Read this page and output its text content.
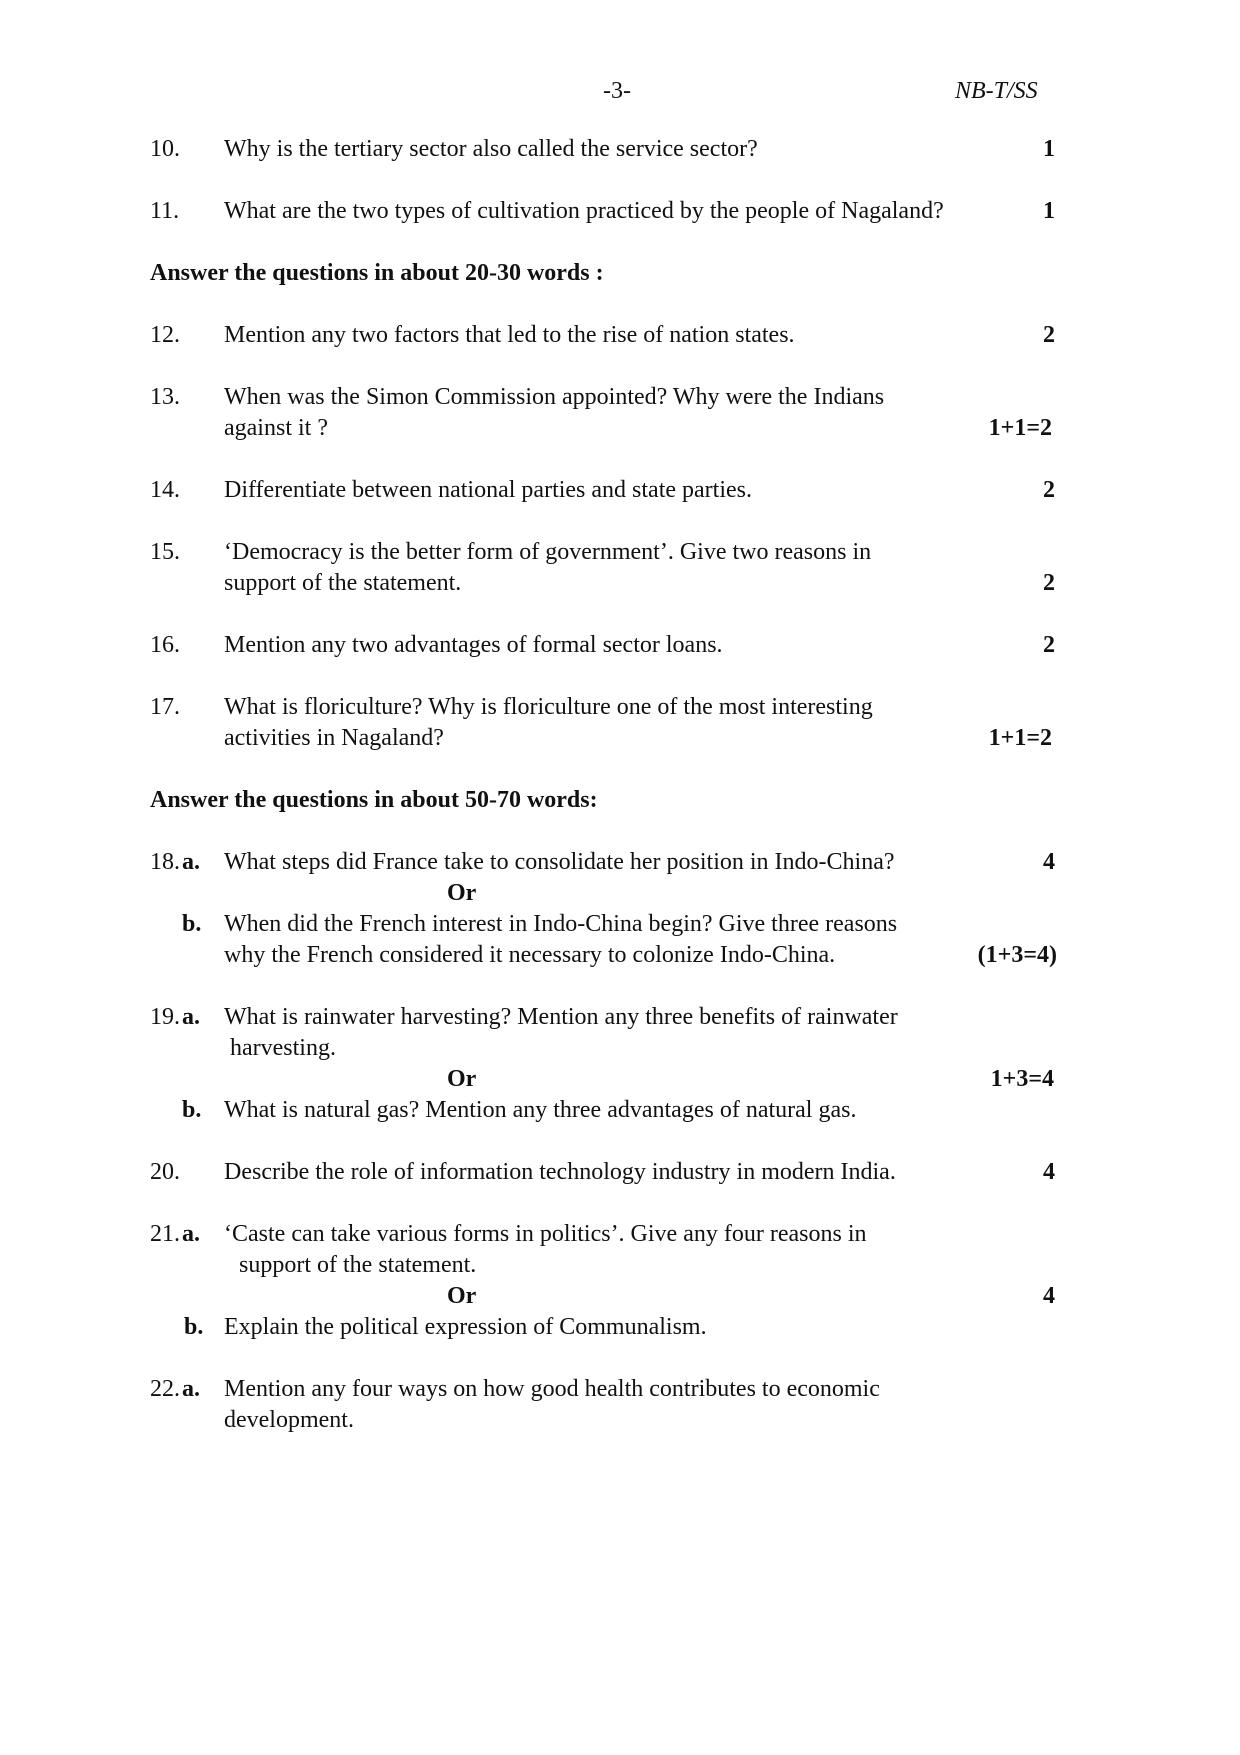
-3-	NB-T/SS
10. Why is the tertiary sector also called the service sector?	1
11. What are the two types of cultivation practiced by the people of Nagaland?	1
Answer the questions in about 20-30 words :
12. Mention any two factors that led to the rise of nation states.	2
13. When was the Simon Commission appointed? Why were the Indians
against it ?	1+1=2
14. Differentiate between national parties and state parties.	2
15. ‘Democracy is the better form of government’. Give two reasons in
support of the statement.	2
16. Mention any two advantages of formal sector loans.	2
17. What is floriculture? Why is floriculture one of the most interesting
activities in Nagaland?	1+1=2
Answer the questions in about 50-70 words:
18. a. What steps did France take to consolidate her position in Indo-China?	4
Or
b. When did the French interest in Indo-China begin? Give three reasons
why the French considered it necessary to colonize Indo-China.	(1+3=4)
19. a. What is rainwater harvesting? Mention any three benefits of rainwater
harvesting.
Or	1+3=4
b. What is natural gas? Mention any three advantages of natural gas.
20. Describe the role of information technology industry in modern India.	4
21. a. ‘Caste can take various forms in politics’. Give any four reasons in
support of the statement.
Or	4
b. Explain the political expression of Communalism.
22. a. Mention any four ways on how good health contributes to economic
development.
